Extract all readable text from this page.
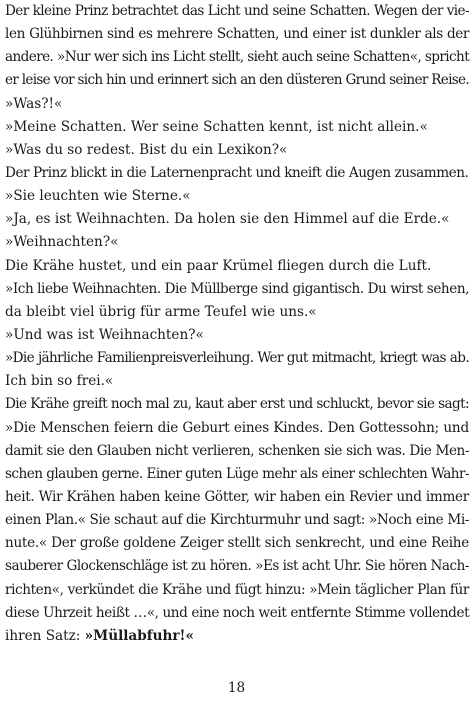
Der kleine Prinz betrachtet das Licht und seine Schatten. Wegen der vie-
len Glühbirnen sind es mehrere Schatten, und einer ist dunkler als der
andere. »Nur wer sich ins Licht stellt, sieht auch seine Schatten«, spricht
er leise vor sich hin und erinnert sich an den düsteren Grund seiner Reise.
»Was?!«
»Meine Schatten. Wer seine Schatten kennt, ist nicht allein.«
»Was du so redest. Bist du ein Lexikon?«
Der Prinz blickt in die Laternenpracht und kneift die Augen zusammen.
»Sie leuchten wie Sterne.«
»Ja, es ist Weihnachten. Da holen sie den Himmel auf die Erde.«
»Weihnachten?«
Die Krähe hustet, und ein paar Krümel fliegen durch die Luft.
»Ich liebe Weihnachten. Die Müllberge sind gigantisch. Du wirst sehen,
da bleibt viel übrig für arme Teufel wie uns.«
»Und was ist Weihnachten?«
»Die jährliche Familienpreisverleihung. Wer gut mitmacht, kriegt was ab.
Ich bin so frei.«
Die Krähe greift noch mal zu, kaut aber erst und schluckt, bevor sie sagt:
»Die Menschen feiern die Geburt eines Kindes. Den Gottessohn; und
damit sie den Glauben nicht verlieren, schenken sie sich was. Die Men-
schen glauben gerne. Einer guten Lüge mehr als einer schlechten Wahr-
heit. Wir Krähen haben keine Götter, wir haben ein Revier und immer
einen Plan.« Sie schaut auf die Kirchturmuhr und sagt: »Noch eine Mi-
nute.« Der große goldene Zeiger stellt sich senkrecht, und eine Reihe
sauberer Glockenschläge ist zu hören. »Es ist acht Uhr. Sie hören Nach-
richten«, verkündet die Krähe und fügt hinzu: »Mein täglicher Plan für
diese Uhrzeit heißt …«, und eine noch weit entfernte Stimme vollendet
ihren Satz: »Müllabfuhr!«
18
